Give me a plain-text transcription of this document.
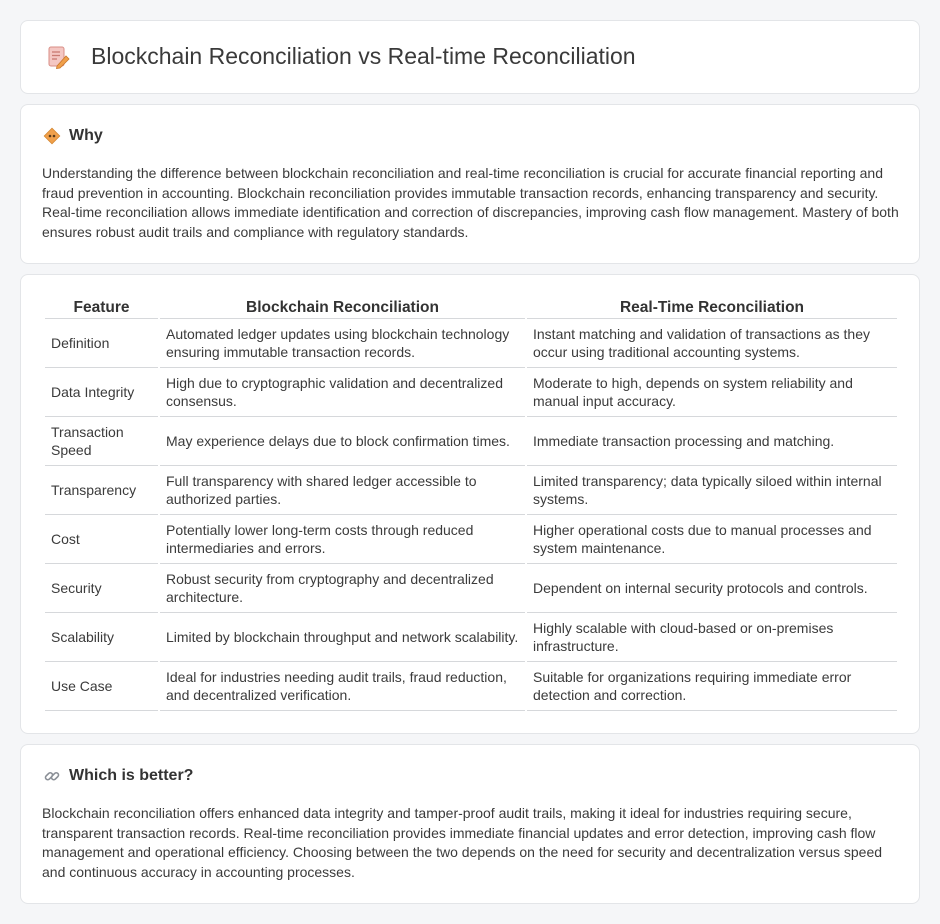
Blockchain Reconciliation vs Real-time Reconciliation
Why

Understanding the difference between blockchain reconciliation and real-time reconciliation is crucial for accurate financial reporting and fraud prevention in accounting. Blockchain reconciliation provides immutable transaction records, enhancing transparency and security. Real-time reconciliation allows immediate identification and correction of discrepancies, improving cash flow management. Mastery of both ensures robust audit trails and compliance with regulatory standards.

Feature	Blockchain Reconciliation	Real-Time Reconciliation
Definition	Automated ledger updates using blockchain technology ensuring immutable transaction records.	Instant matching and validation of transactions as they occur using traditional accounting systems.
Data Integrity	High due to cryptographic validation and decentralized consensus.	Moderate to high, depends on system reliability and manual input accuracy.
Transaction Speed	May experience delays due to block confirmation times.	Immediate transaction processing and matching.
Transparency	Full transparency with shared ledger accessible to authorized parties.	Limited transparency; data typically siloed within internal systems.
Cost	Potentially lower long-term costs through reduced intermediaries and errors.	Higher operational costs due to manual processes and system maintenance.
Security	Robust security from cryptography and decentralized architecture.	Dependent on internal security protocols and controls.
Scalability	Limited by blockchain throughput and network scalability.	Highly scalable with cloud-based or on-premises infrastructure.
Use Case	Ideal for industries needing audit trails, fraud reduction, and decentralized verification.	Suitable for organizations requiring immediate error detection and correction.
Which is better?

Blockchain reconciliation offers enhanced data integrity and tamper-proof audit trails, making it ideal for industries requiring secure, transparent transaction records. Real-time reconciliation provides immediate financial updates and error detection, improving cash flow management and operational efficiency. Choosing between the two depends on the need for security and decentralization versus speed and continuous accuracy in accounting processes.
